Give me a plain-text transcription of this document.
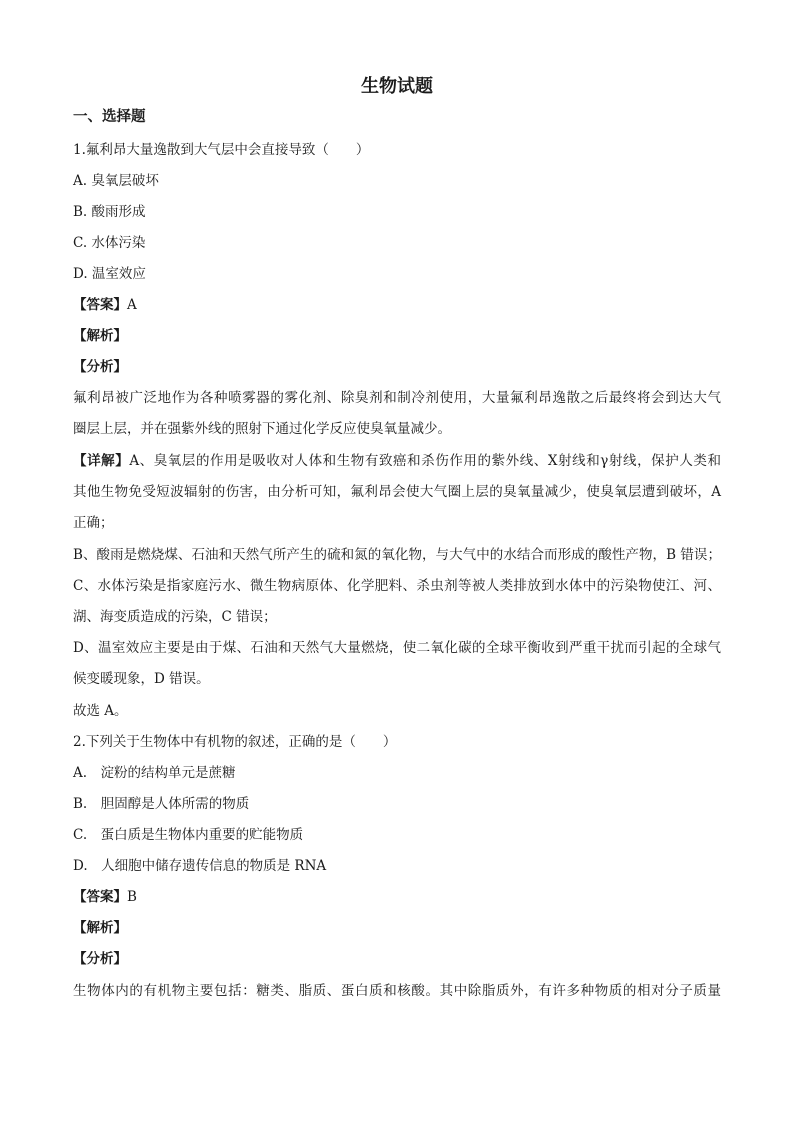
生物试题
一、选择题
1.氟利昂大量逸散到大气层中会直接导致（　　）
A. 臭氧层破坏
B. 酸雨形成
C. 水体污染
D. 温室效应
【答案】A
【解析】
【分析】
氟利昂被广泛地作为各种喷雾器的雾化剂、除臭剂和制冷剂使用，大量氟利昂逸散之后最终将会到达大气
圈层上层，并在强紫外线的照射下通过化学反应使臭氧量减少。
【详解】A、臭氧层的作用是吸收对人体和生物有致癌和杀伤作用的紫外线、X射线和γ射线，保护人类和
其他生物免受短波辐射的伤害，由分析可知，氟利昂会使大气圈上层的臭氧量减少，使臭氧层遭到破坏，A
正确；
B、酸雨是燃烧煤、石油和天然气所产生的硫和氮的氧化物，与大气中的水结合而形成的酸性产物，B 错误；
C、水体污染是指家庭污水、微生物病原体、化学肥料、杀虫剂等被人类排放到水体中的污染物使江、河、
湖、海变质造成的污染，C 错误；
D、温室效应主要是由于煤、石油和天然气大量燃烧，使二氧化碳的全球平衡收到严重干扰而引起的全球气
候变暖现象，D 错误。
故选 A。
2.下列关于生物体中有机物的叙述，正确的是（　　）
A.　淀粉的结构单元是蔗糖
B.　胆固醇是人体所需的物质
C.　蛋白质是生物体内重要的贮能物质
D.　人细胞中储存遗传信息的物质是 RNA
【答案】B
【解析】
【分析】
生物体内的有机物主要包括：糖类、脂质、蛋白质和核酸。其中除脂质外，有许多种物质的相对分子质量
